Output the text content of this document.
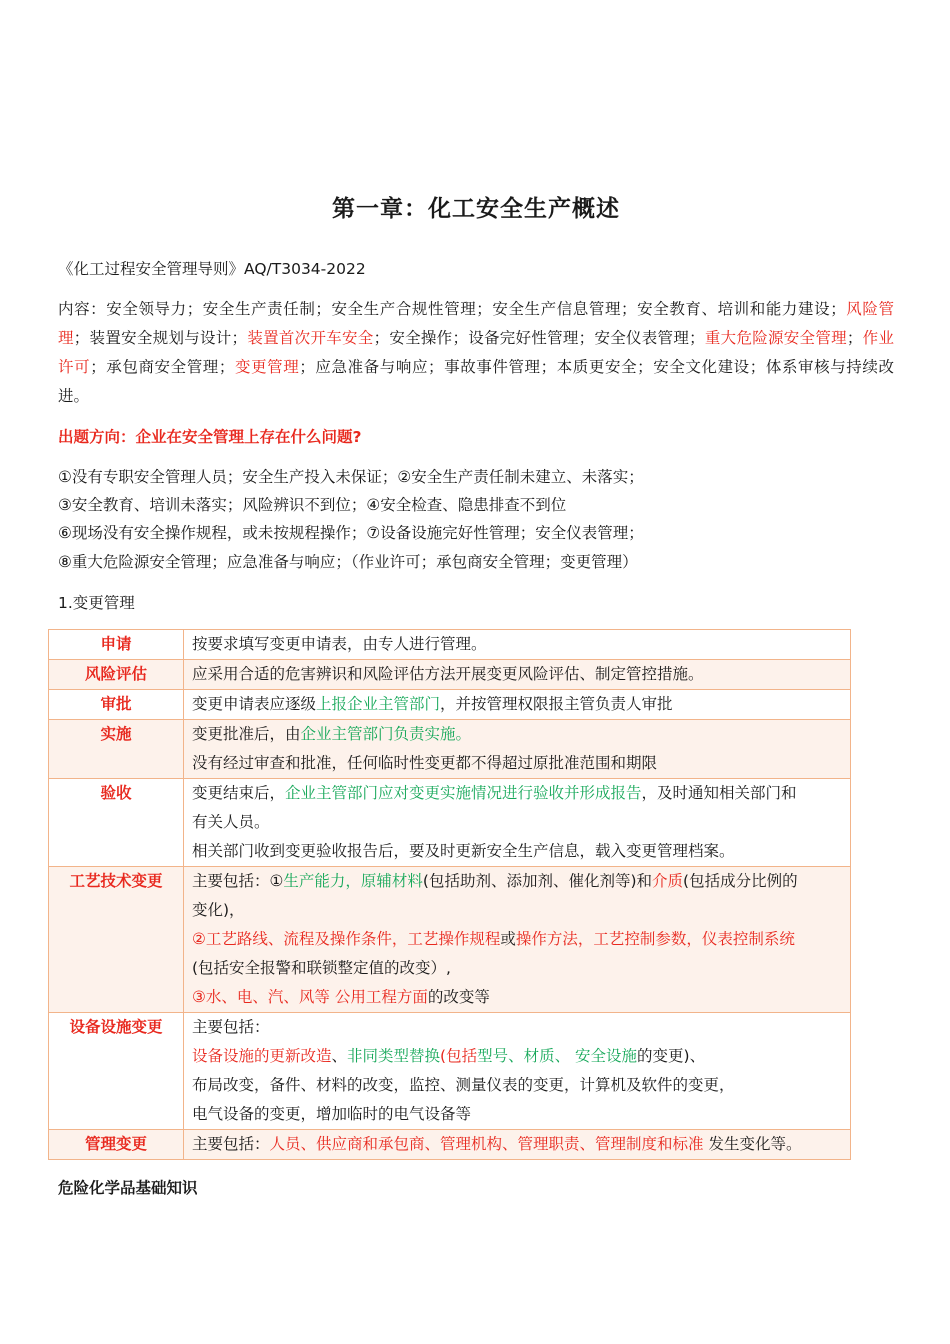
第一章：化工安全生产概述
《化工过程安全管理导则》AQ/T3034-2022
内容：安全领导力；安全生产责任制；安全生产合规性管理；安全生产信息管理；安全教育、培训和能力建设；风险管理；装置安全规划与设计；装置首次开车安全；安全操作；设备完好性管理；安全仪表管理；重大危险源安全管理；作业许可；承包商安全管理；变更管理；应急准备与响应；事故事件管理；本质更安全；安全文化建设；体系审核与持续改进。
出题方向：企业在安全管理上存在什么问题?
①没有专职安全管理人员；安全生产投入未保证；②安全生产责任制未建立、未落实；
③安全教育、培训未落实；风险辨识不到位；④安全检查、隐患排查不到位
⑥现场没有安全操作规程，或未按规程操作；⑦设备设施完好性管理；安全仪表管理；
⑧重大危险源安全管理；应急准备与响应；（作业许可；承包商安全管理；变更管理）
1.变更管理
申请	按要求填写变更申请表，由专人进行管理。
风险评估	应采用合适的危害辨识和风险评估方法开展变更风险评估、制定管控措施。
审批	变更申请表应逐级上报企业主管部门，并按管理权限报主管负责人审批
实施	变更批准后，由企业主管部门负责实施。
没有经过审查和批准，任何临时性变更都不得超过原批准范围和期限

验收	变更结束后，企业主管部门应对变更实施情况进行验收并形成报告，及时通知相关部门和
有关人员。
相关部门收到变更验收报告后，要及时更新安全生产信息，载入变更管理档案。

工艺技术变更	主要包括：①生产能力，原辅材料(包括助剂、添加剂、催化剂等)和介质(包括成分比例的
变化)，
②工艺路线、流程及操作条件，工艺操作规程或操作方法，工艺控制参数，仪表控制系统
(包括安全报警和联锁整定值的改变）,
③水、电、汽、风等 公用工程方面的改变等

设备设施变更	主要包括：
设备设施的更新改造、非同类型替换(包括型号、材质、 安全设施的变更)、
布局改变，备件、材料的改变，监控、测量仪表的变更，计算机及软件的变更，
电气设备的变更，增加临时的电气设备等

管理变更	主要包括：人员、供应商和承包商、管理机构、管理职责、管理制度和标准 发生变化等。
危险化学品基础知识
